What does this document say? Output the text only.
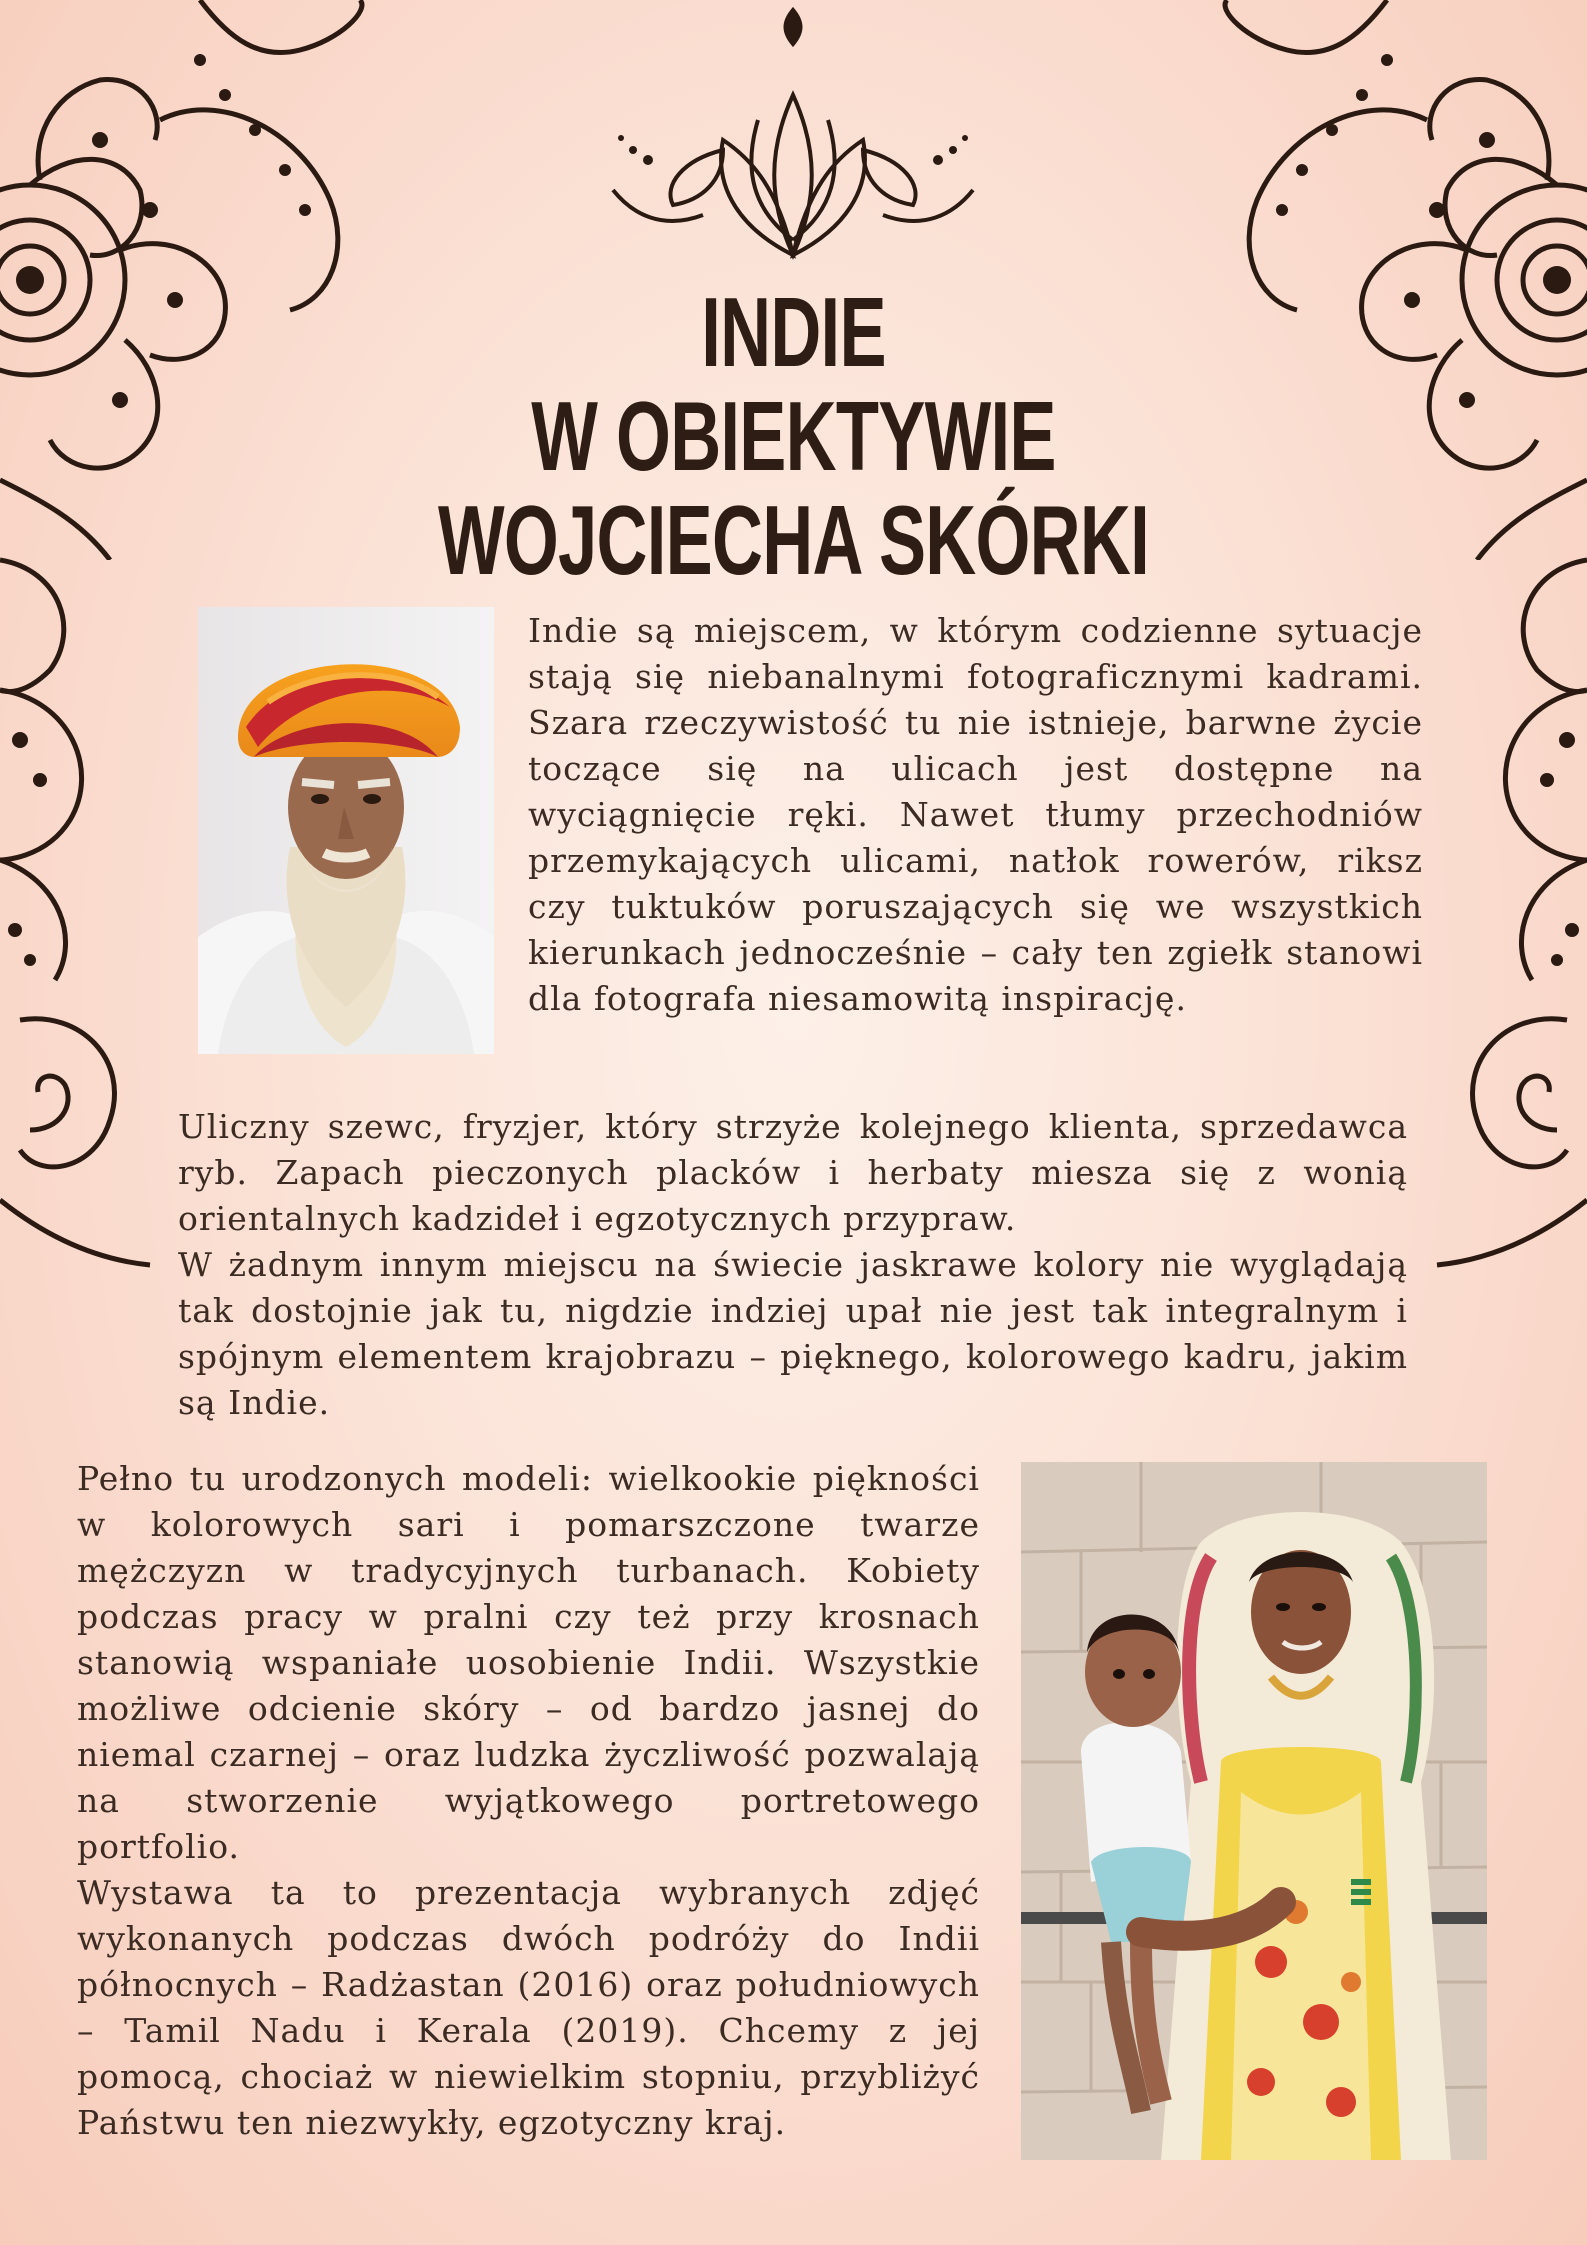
INDIE
W OBIEKTYWIE
WOJCIECHA SKÓRKI
Indie są miejscem, w którym codzienne sytuacje stają się niebanalnymi fotograficznymi kadrami. Szara rzeczywistość tu nie istnieje, barwne życie toczące się na ulicach jest dostępne na wyciągnięcie ręki. Nawet tłumy przechodniów przemykających ulicami, natłok rowerów, riksz czy tuktuków poruszających się we wszystkich kierunkach jednocześnie – cały ten zgiełk stanowi dla fotografa niesamowitą inspirację.
Uliczny szewc, fryzjer, który strzyże kolejnego klienta, sprzedawca ryb. Zapach pieczonych placków i herbaty miesza się z wonią orientalnych kadzideł i egzotycznych przypraw.
W żadnym innym miejscu na świecie jaskrawe kolory nie wyglądają tak dostojnie jak tu, nigdzie indziej upał nie jest tak integralnym i spójnym elementem krajobrazu – pięknego, kolorowego kadru, jakim są Indie.
Pełno tu urodzonych modeli: wielkookie piękności w kolorowych sari i pomarszczone twarze mężczyzn w tradycyjnych turbanach. Kobiety podczas pracy w pralni czy też przy krosnach stanowią wspaniałe uosobienie Indii. Wszystkie możliwe odcienie skóry – od bardzo jasnej do niemal czarnej – oraz ludzka życzliwość pozwalają na stworzenie wyjątkowego portretowego portfolio.
Wystawa ta to prezentacja wybranych zdjęć wykonanych podczas dwóch podróży do Indii północnych – Radżastan (2016) oraz południowych – Tamil Nadu i Kerala (2019). Chcemy z jej pomocą, chociaż w niewielkim stopniu, przybliżyć Państwu ten niezwykły, egzotyczny kraj.
